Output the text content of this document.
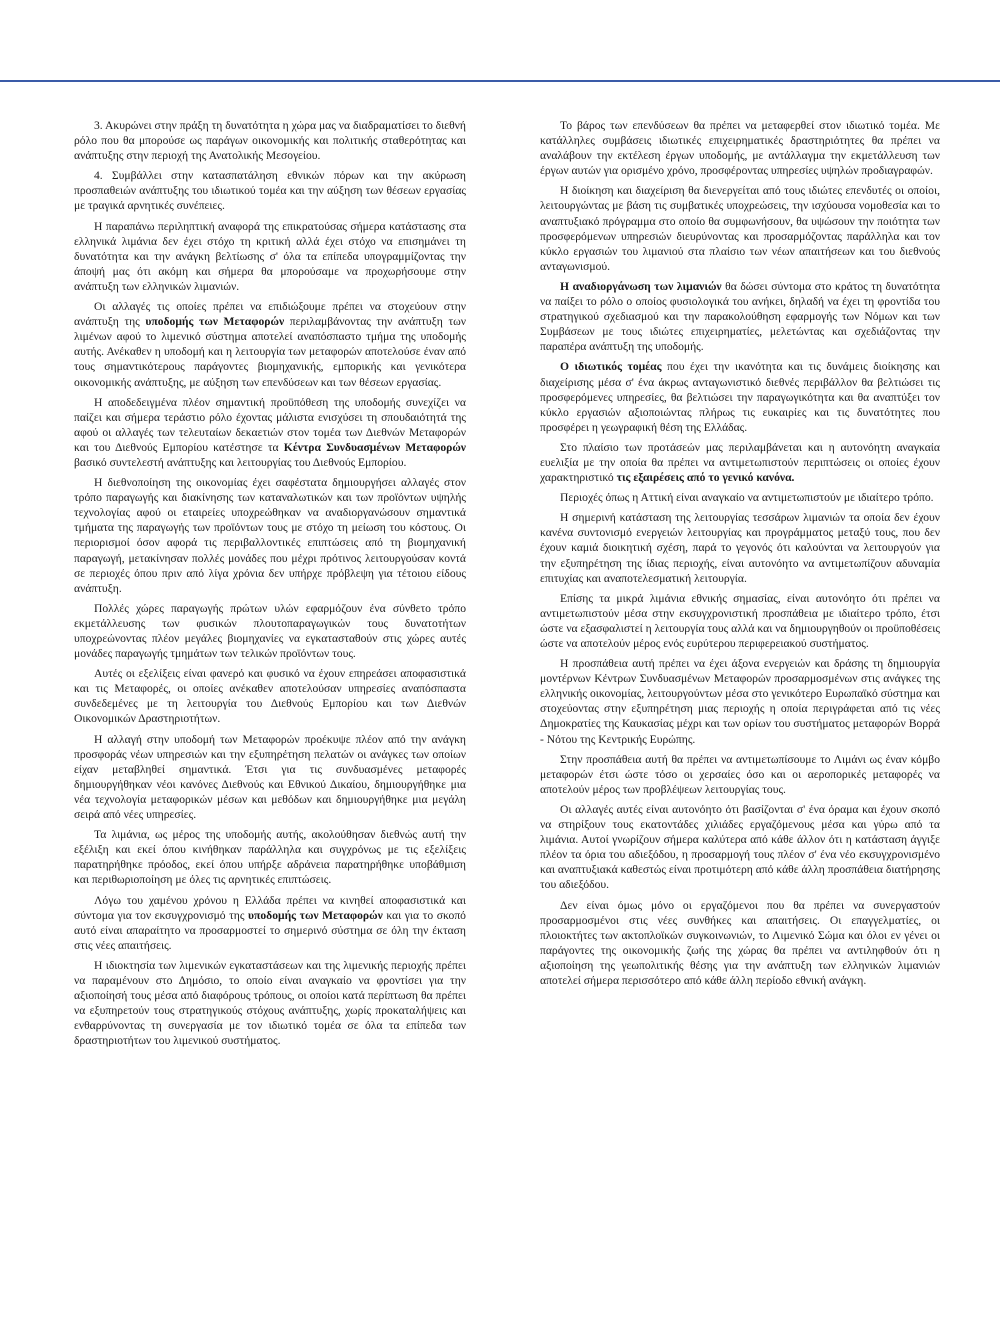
3. Ακυρώνει στην πράξη τη δυνατότητα η χώρα μας να διαδραματίσει το διεθνή ρόλο που θα μπορούσε ως παράγων οικονομικής και πολιτικής σταθερότητας και ανάπτυξης στην περιοχή της Ανατολικής Μεσογείου.

4. Συμβάλλει στην κατασπατάληση εθνικών πόρων και την ακύρωση προσπαθειών ανάπτυξης του ιδιωτικού τομέα και την αύξηση των θέσεων εργασίας με τραγικά αρνητικές συνέπειες.

Η παραπάνω περιληπτική αναφορά της επικρατούσας σήμερα κατάστασης στα ελληνικά λιμάνια δεν έχει στόχο τη κριτική αλλά έχει στόχο να επισημάνει τη δυνατότητα και την ανάγκη βελτίωσης σ' όλα τα επίπεδα υπογραμμίζοντας την άποψή μας ότι ακόμη και σήμερα θα μπορούσαμε να προχωρήσουμε στην ανάπτυξη των ελληνικών λιμανιών.

Οι αλλαγές τις οποίες πρέπει να επιδιώξουμε πρέπει να στοχεύουν στην ανάπτυξη της υποδομής των Μεταφορών περιλαμβάνοντας την ανάπτυξη των λιμένων αφού το λιμενικό σύστημα αποτελεί αναπόσπαστο τμήμα της υποδομής αυτής. Ανέκαθεν η υποδομή και η λειτουργία των μεταφορών αποτελούσε έναν από τους σημαντικότερους παράγοντες βιομηχανικής, εμπορικής και γενικότερα οικονομικής ανάπτυξης, με αύξηση των επενδύσεων και των θέσεων εργασίας.

Η αποδεδειγμένα πλέον σημαντική προϋπόθεση της υποδομής συνεχίζει να παίζει και σήμερα τεράστιο ρόλο έχοντας μάλιστα ενισχύσει τη σπουδαιότητά της αφού οι αλλαγές των τελευταίων δεκαετιών στον τομέα των Διεθνών Μεταφορών και του Διεθνούς Εμπορίου κατέστησε τα Κέντρα Συνδυασμένων Μεταφορών βασικό συντελεστή ανάπτυξης και λειτουργίας του Διεθνούς Εμπορίου.

Η διεθνοποίηση της οικονομίας έχει σαφέστατα δημιουργήσει αλλαγές στον τρόπο παραγωγής και διακίνησης των καταναλωτικών και των προϊόντων υψηλής τεχνολογίας αφού οι εταιρείες υποχρεώθηκαν να αναδιοργανώσουν σημαντικά τμήματα της παραγωγής των προϊόντων τους με στόχο τη μείωση του κόστους. Οι περιορισμοί όσον αφορά τις περιβαλλοντικές επιπτώσεις από τη βιομηχανική παραγωγή, μετακίνησαν πολλές μονάδες που μέχρι πρότινος λειτουργούσαν κοντά σε περιοχές όπου πριν από λίγα χρόνια δεν υπήρχε πρόβλεψη για τέτοιου είδους ανάπτυξη.

Πολλές χώρες παραγωγής πρώτων υλών εφαρμόζουν ένα σύνθετο τρόπο εκμετάλλευσης των φυσικών πλουτοπαραγωγικών τους δυνατοτήτων υποχρεώνοντας πλέον μεγάλες βιομηχανίες να εγκατασταθούν στις χώρες αυτές μονάδες παραγωγής τμημάτων των τελικών προϊόντων τους.

Αυτές οι εξελίξεις είναι φανερό και φυσικό να έχουν επηρεάσει αποφασιστικά και τις Μεταφορές, οι οποίες ανέκαθεν αποτελούσαν υπηρεσίες αναπόσπαστα συνδεδεμένες με τη λειτουργία του Διεθνούς Εμπορίου και των Διεθνών Οικονομικών Δραστηριοτήτων.

Η αλλαγή στην υποδομή των Μεταφορών προέκυψε πλέον από την ανάγκη προσφοράς νέων υπηρεσιών και την εξυπηρέτηση πελατών οι ανάγκες των οποίων είχαν μεταβληθεί σημαντικά. Έτσι για τις συνδυασμένες μεταφορές δημιουργήθηκαν νέοι κανόνες Διεθνούς και Εθνικού Δικαίου, δημιουργήθηκε μια νέα τεχνολογία μεταφορικών μέσων και μεθόδων και δημιουργήθηκε μια μεγάλη σειρά από νέες υπηρεσίες.

Τα λιμάνια, ως μέρος της υποδομής αυτής, ακολούθησαν διεθνώς αυτή την εξέλιξη και εκεί όπου κινήθηκαν παράλληλα και συγχρόνως με τις εξελίξεις παρατηρήθηκε πρόοδος, εκεί όπου υπήρξε αδράνεια παρατηρήθηκε υποβάθμιση και περιθωριοποίηση με όλες τις αρνητικές επιπτώσεις.

Λόγω του χαμένου χρόνου η Ελλάδα πρέπει να κινηθεί αποφασιστικά και σύντομα για τον εκσυγχρονισμό της υποδομής των Μεταφορών και για το σκοπό αυτό είναι απαραίτητο να προσαρμοστεί το σημερινό σύστημα σε όλη την έκταση στις νέες απαιτήσεις.

Η ιδιοκτησία των λιμενικών εγκαταστάσεων και της λιμενικής περιοχής πρέπει να παραμένουν στο Δημόσιο, το οποίο είναι αναγκαίο να φροντίσει για την αξιοποίησή τους μέσα από διαφόρους τρόπους, οι οποίοι κατά περίπτωση θα πρέπει να εξυπηρετούν τους στρατηγικούς στόχους ανάπτυξης, χωρίς προκαταλήψεις και ενθαρρύνοντας τη συνεργασία με τον ιδιωτικό τομέα σε όλα τα επίπεδα των δραστηριοτήτων του λιμενικού συστήματος.

Το βάρος των επενδύσεων θα πρέπει να μεταφερθεί στον ιδιωτικό τομέα. Με κατάλληλες συμβάσεις ιδιωτικές επιχειρηματικές δραστηριότητες θα πρέπει να αναλάβουν την εκτέλεση έργων υποδομής, με αντάλλαγμα την εκμετάλλευση των έργων αυτών για ορισμένο χρόνο, προσφέροντας υπηρεσίες υψηλών προδιαγραφών.

Η διοίκηση και διαχείριση θα διενεργείται από τους ιδιώτες επενδυτές οι οποίοι, λειτουργώντας με βάση τις συμβατικές υποχρεώσεις, την ισχύουσα νομοθεσία και το αναπτυξιακό πρόγραμμα στο οποίο θα συμφωνήσουν, θα υψώσουν την ποιότητα των προσφερόμενων υπηρεσιών διευρύνοντας και προσαρμόζοντας παράλληλα και τον κύκλο εργασιών του λιμανιού στα πλαίσιο των νέων απαιτήσεων και του διεθνούς ανταγωνισμού.

Η αναδιοργάνωση των λιμανιών θα δώσει σύντομα στο κράτος τη δυνατότητα να παίξει το ρόλο ο οποίος φυσιολογικά του ανήκει, δηλαδή να έχει τη φροντίδα του στρατηγικού σχεδιασμού και την παρακολούθηση εφαρμογής των Νόμων και των Συμβάσεων με τους ιδιώτες επιχειρηματίες, μελετώντας και σχεδιάζοντας την παραπέρα ανάπτυξη της υποδομής.

Ο ιδιωτικός τομέας που έχει την ικανότητα και τις δυνάμεις διοίκησης και διαχείρισης μέσα σ' ένα άκρως ανταγωνιστικό διεθνές περιβάλλον θα βελτιώσει τις προσφερόμενες υπηρεσίες, θα βελτιώσει την παραγωγικότητα και θα αναπτύξει τον κύκλο εργασιών αξιοποιώντας πλήρως τις ευκαιρίες και τις δυνατότητες που προσφέρει η γεωγραφική θέση της Ελλάδας.

Στο πλαίσιο των προτάσεών μας περιλαμβάνεται και η αυτονόητη αναγκαία ευελιξία με την οποία θα πρέπει να αντιμετωπιστούν περιπτώσεις οι οποίες έχουν χαρακτηριστικό τις εξαιρέσεις από το γενικό κανόνα.

Περιοχές όπως η Αττική είναι αναγκαίο να αντιμετωπιστούν με ιδιαίτερο τρόπο.

Η σημερινή κατάσταση της λειτουργίας τεσσάρων λιμανιών τα οποία δεν έχουν κανένα συντονισμό ενεργειών λειτουργίας και προγράμματος μεταξύ τους, που δεν έχουν καμιά διοικητική σχέση, παρά το γεγονός ότι καλούνται να λειτουργούν για την εξυπηρέτηση της ίδιας περιοχής, είναι αυτονόητο να αντιμετωπίζουν αδυναμία επιτυχίας και αναποτελεσματική λειτουργία.

Επίσης τα μικρά λιμάνια εθνικής σημασίας, είναι αυτονόητο ότι πρέπει να αντιμετωπιστούν μέσα στην εκσυγχρονιστική προσπάθεια με ιδιαίτερο τρόπο, έτσι ώστε να εξασφαλιστεί η λειτουργία τους αλλά και να δημιουργηθούν οι προϋποθέσεις ώστε να αποτελούν μέρος ενός ευρύτερου περιφερειακού συστήματος.

Η προσπάθεια αυτή πρέπει να έχει άξονα ενεργειών και δράσης τη δημιουργία μοντέρνων Κέντρων Συνδυασμένων Μεταφορών προσαρμοσμένων στις ανάγκες της ελληνικής οικονομίας, λειτουργούντων μέσα στο γενικότερο Ευρωπαϊκό σύστημα και στοχεύοντας στην εξυπηρέτηση μιας περιοχής η οποία περιγράφεται από τις νέες Δημοκρατίες της Καυκασίας μέχρι και των ορίων του συστήματος μεταφορών Βορρά - Νότου της Κεντρικής Ευρώπης.

Στην προσπάθεια αυτή θα πρέπει να αντιμετωπίσουμε το Λιμάνι ως έναν κόμβο μεταφορών έτσι ώστε τόσο οι χερσαίες όσο και οι αεροπορικές μεταφορές να αποτελούν μέρος των προβλέψεων λειτουργίας τους.

Οι αλλαγές αυτές είναι αυτονόητο ότι βασίζονται σ' ένα όραμα και έχουν σκοπό να στηρίξουν τους εκατοντάδες χιλιάδες εργαζόμενους μέσα και γύρω από τα λιμάνια. Αυτοί γνωρίζουν σήμερα καλύτερα από κάθε άλλον ότι η κατάσταση άγγιξε πλέον τα όρια του αδιεξόδου, η προσαρμογή τους πλέον σ' ένα νέο εκσυγχρονισμένο και αναπτυξιακά καθεστώς είναι προτιμότερη από κάθε άλλη προσπάθεια διατήρησης του αδιεξόδου.

Δεν είναι όμως μόνο οι εργαζόμενοι που θα πρέπει να συνεργαστούν προσαρμοσμένοι στις νέες συνθήκες και απαιτήσεις. Οι επαγγελματίες, οι πλοιοκτήτες των ακτοπλοϊκών συγκοινωνιών, το Λιμενικό Σώμα και όλοι εν γένει οι παράγοντες της οικονομικής ζωής της χώρας θα πρέπει να αντιληφθούν ότι η αξιοποίηση της γεωπολιτικής θέσης για την ανάπτυξη των ελληνικών λιμανιών αποτελεί σήμερα περισσότερο από κάθε άλλη περίοδο εθνική ανάγκη.
